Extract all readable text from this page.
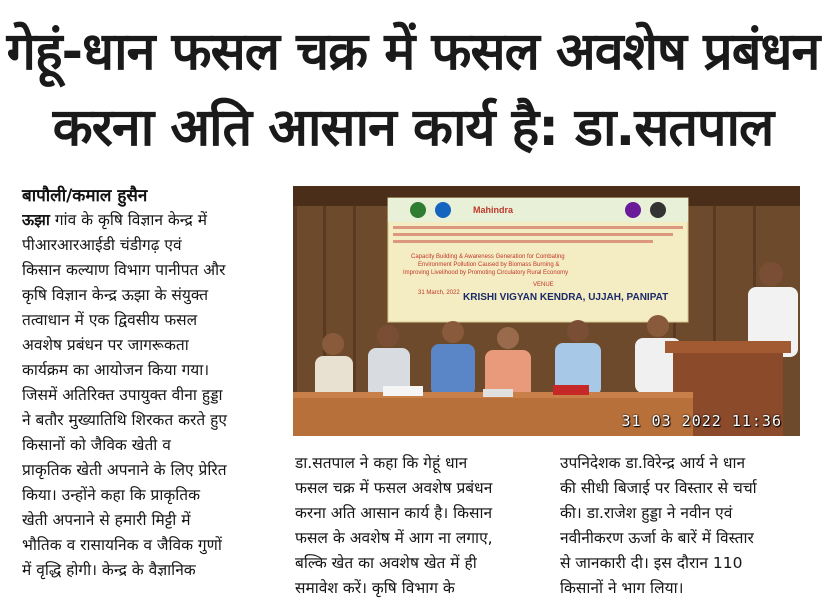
गेहूं-धान फसल चक्र में फसल अवशेष प्रबंधन
करना अति आसान कार्य है: डा.सतपाल
बापौली/कमाल हुसैन
ऊझा गांव के कृषि विज्ञान केन्द्र में
पीआरआरआईडी चंडीगढ़ एवं
किसान कल्याण विभाग पानीपत और
कृषि विज्ञान केन्द्र ऊझा के संयुक्त
तत्वाधान में एक द्विवसीय फसल
अवशेष प्रबंधन पर जागरूकता
कार्यक्रम का आयोजन किया गया।
जिसमें अतिरिक्त उपायुक्त वीना हुड्डा
ने बतौर मुख्यातिथि शिरकत करते हुए
किसानों को जैविक खेती व
प्राकृतिक खेती अपनाने के लिए प्रेरित
किया। उन्होंने कहा कि प्राकृतिक
खेती अपनाने से हमारी मिट्टी में
भौतिक व रासायनिक व जैविक गुणों
में वृद्धि होगी। केन्द्र के वैज्ञानिक
Mahindra
Capacity Building & Awareness Generation for Combating
Environment Pollution Caused by Biomass Burning &
Improving Livelihood by Promoting Circulatory Rural Economy
31 March, 2022
VENUE
KRISHI VIGYAN KENDRA, UJJAH, PANIPAT
31 03 2022 11:36
डा.सतपाल ने कहा कि गेहूं धान
फसल चक्र में फसल अवशेष प्रबंधन
करना अति आसान कार्य है। किसान
फसल के अवशेष में आग ना लगाए,
बल्कि खेत का अवशेष खेत में ही
समावेश करें। कृषि विभाग के
उपनिदेशक डा.विरेन्द्र आर्य ने धान
की सीधी बिजाई पर विस्तार से चर्चा
की। डा.राजेश हुड्डा ने नवीन एवं
नवीनीकरण ऊर्जा के बारें में विस्तार
से जानकारी दी। इस दौरान 110
किसानों ने भाग लिया।
